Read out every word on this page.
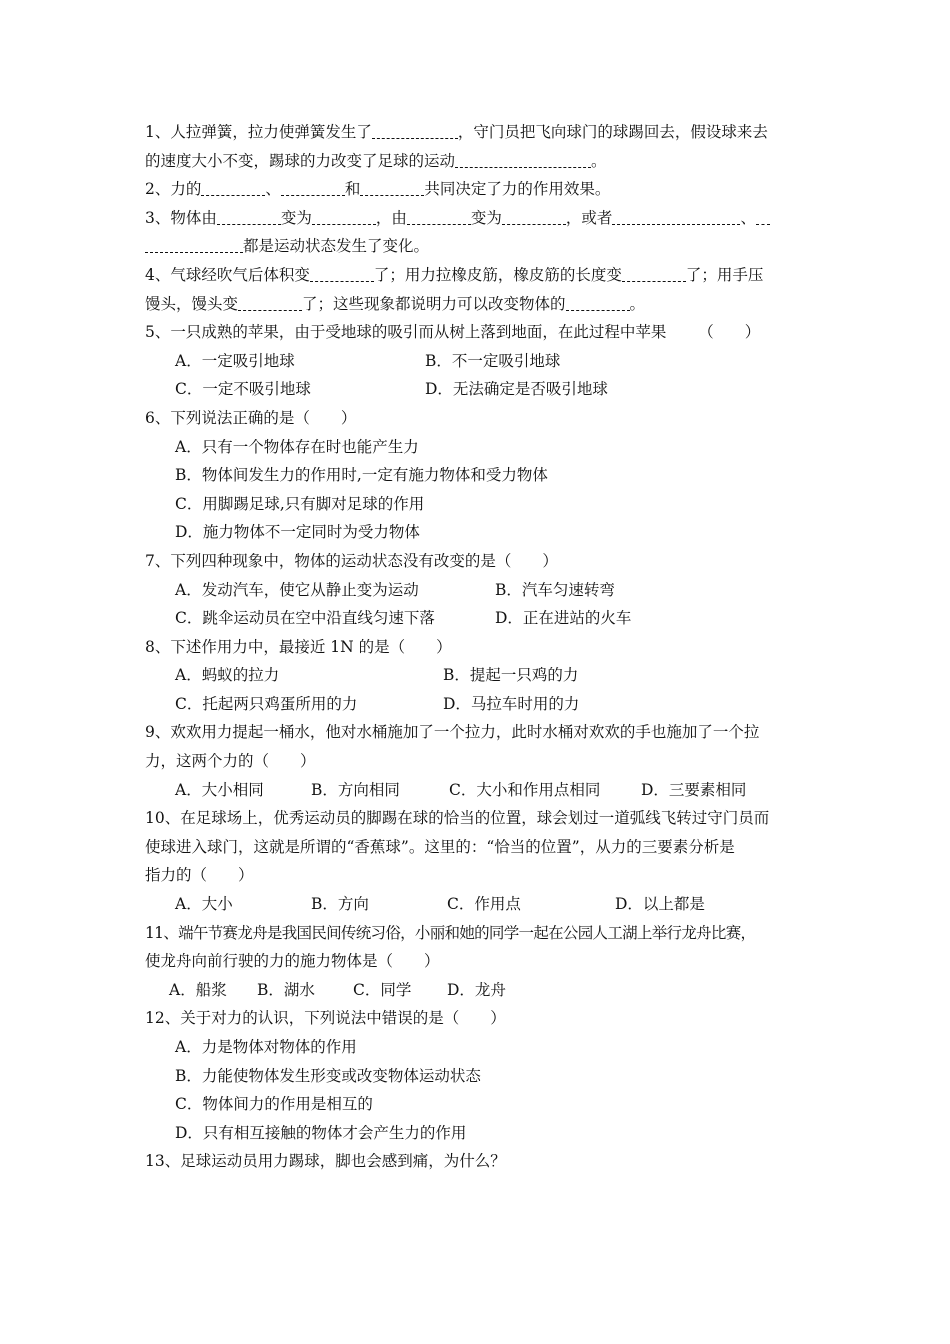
1、人拉弹簧，拉力使弹簧发生了	，守门员把飞向球门的球踢回去，假设球来去
的速度大小不变，踢球的力改变了足球的运动	。
2、力的	、	和	共同决定了力的作用效果。
3、物体由	变为	，由	变为	，或者	、
都是运动状态发生了变化。
4、气球经吹气后体积变	了；用力拉橡皮筋，橡皮筋的长度变	了；用手压
馒头，馒头变	了；这些现象都说明力可以改变物体的	。
5、一只成熟的苹果，由于受地球的吸引而从树上落到地面，在此过程中苹果 （　　）
A．一定吸引地球	B．不一定吸引地球
C．一定不吸引地球	D．无法确定是否吸引地球
6、下列说法正确的是（　　）
A．只有一个物体存在时也能产生力
B．物体间发生力的作用时,一定有施力物体和受力物体
C．用脚踢足球,只有脚对足球的作用
D．施力物体不一定同时为受力物体
7、下列四种现象中，物体的运动状态没有改变的是（　　）
A．发动汽车，使它从静止变为运动	B．汽车匀速转弯
C．跳伞运动员在空中沿直线匀速下落	D．正在进站的火车
8、下述作用力中，最接近 1N 的是（　　）
A．蚂蚁的拉力	B．提起一只鸡的力
C．托起两只鸡蛋所用的力	D．马拉车时用的力
9、欢欢用力提起一桶水，他对水桶施加了一个拉力，此时水桶对欢欢的手也施加了一个拉
力，这两个力的（　　）
A．大小相同	B．方向相同	C．大小和作用点相同	D．三要素相同
10、在足球场上，优秀运动员的脚踢在球的恰当的位置，球会划过一道弧线飞转过守门员而
使球进入球门，这就是所谓的“香蕉球”。这里的：“恰当的位置”，从力的三要素分析是
指力的（　　）
A．大小	B．方向	C．作用点	D．以上都是
11、端午节赛龙舟是我国民间传统习俗，小丽和她的同学一起在公园人工湖上举行龙舟比赛，
使龙舟向前行驶的力的施力物体是（　　）
A．船浆	B．湖水	C．同学	D．龙舟
12、关于对力的认识，下列说法中错误的是（　　）
A．力是物体对物体的作用
B．力能使物体发生形变或改变物体运动状态
C．物体间力的作用是相互的
D．只有相互接触的物体才会产生力的作用
13、足球运动员用力踢球，脚也会感到痛，为什么？
